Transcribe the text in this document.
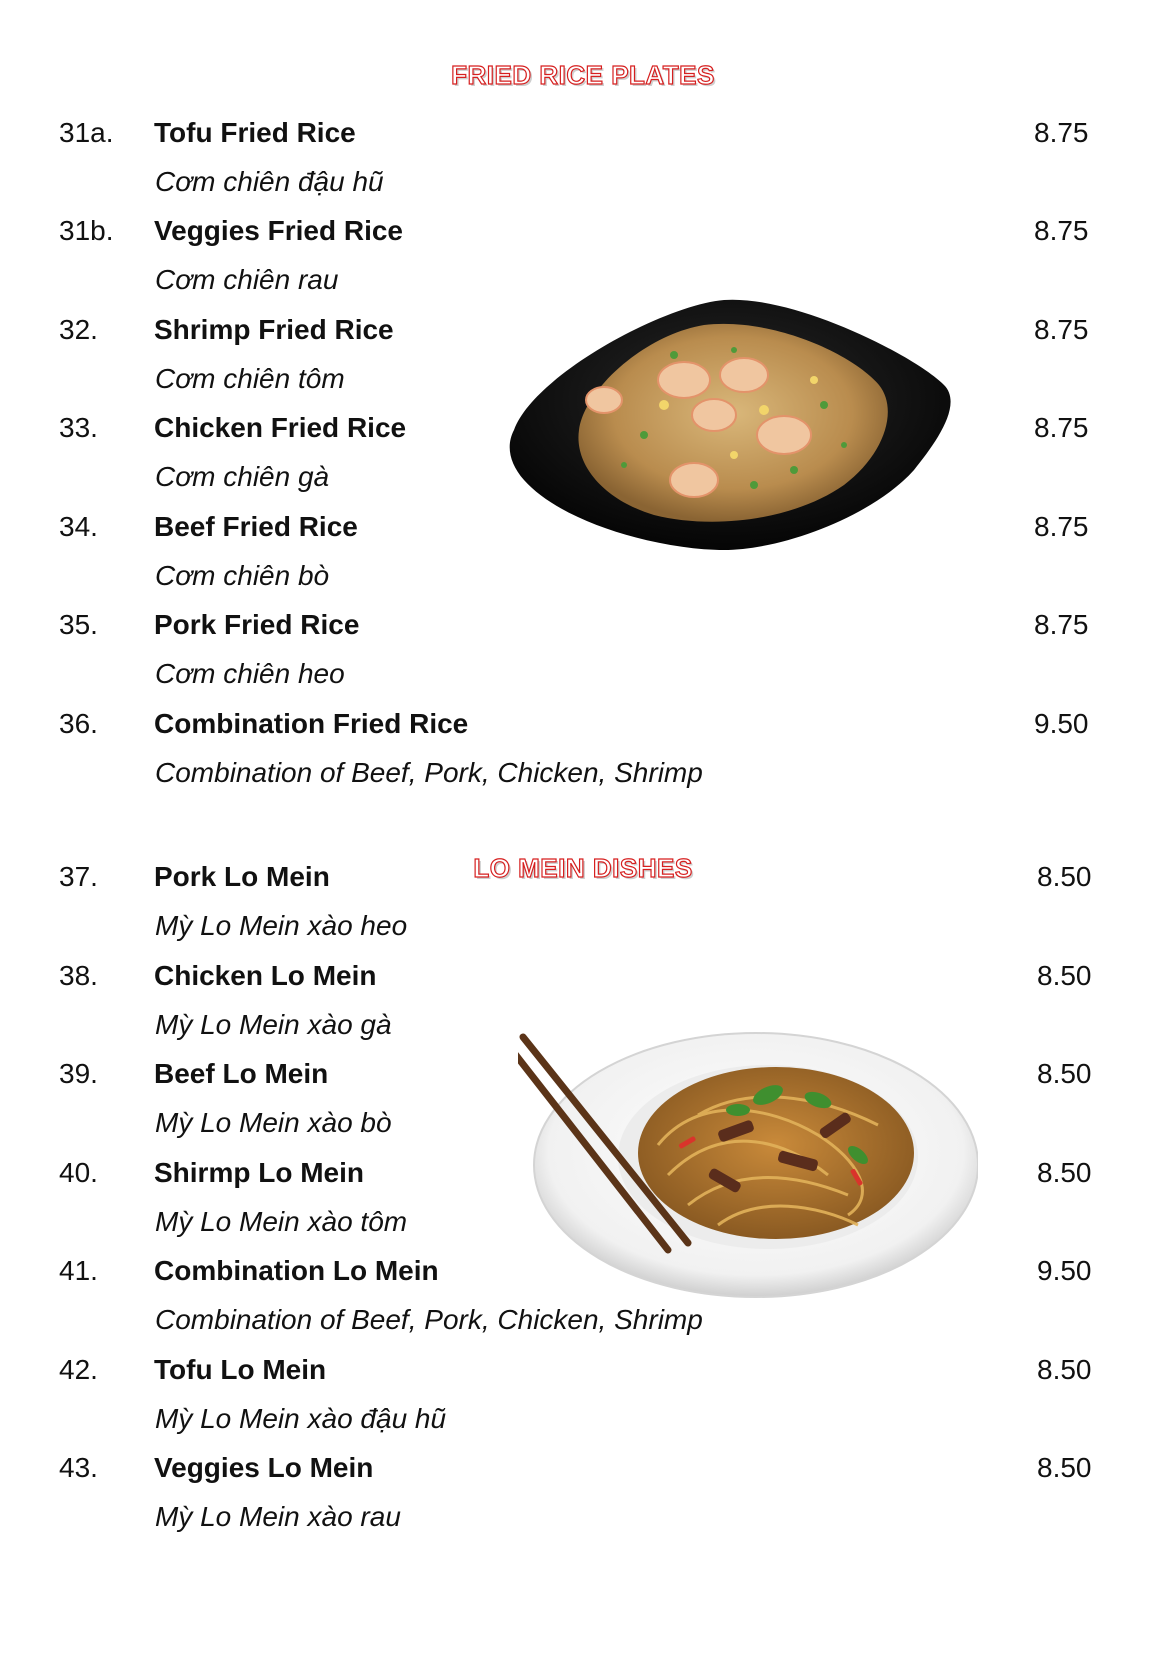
FRIED RICE PLATES
31a. Tofu Fried Rice	8.75
Cơm chiên đậu hũ
31b. Veggies Fried Rice	8.75
Cơm chiên rau
32. Shrimp Fried Rice	8.75
Cơm chiên tôm
33. Chicken Fried Rice	8.75
Cơm chiên gà
34. Beef Fried Rice	8.75
Cơm chiên bò
35. Pork Fried Rice	8.75
Cơm chiên heo
36. Combination Fried Rice	9.50
Combination of Beef, Pork, Chicken, Shrimp
LO MEIN DISHES
37. Pork Lo Mein	8.50
Mỳ Lo Mein xào heo
38. Chicken Lo Mein	8.50
Mỳ Lo Mein xào gà
39. Beef Lo Mein	8.50
Mỳ Lo Mein xào bò
40. Shirmp Lo Mein	8.50
Mỳ Lo Mein xào tôm
41. Combination Lo Mein	9.50
Combination of Beef, Pork, Chicken, Shrimp
42. Tofu Lo Mein	8.50
Mỳ Lo Mein xào đậu hũ
43. Veggies Lo Mein	8.50
Mỳ Lo Mein xào rau
